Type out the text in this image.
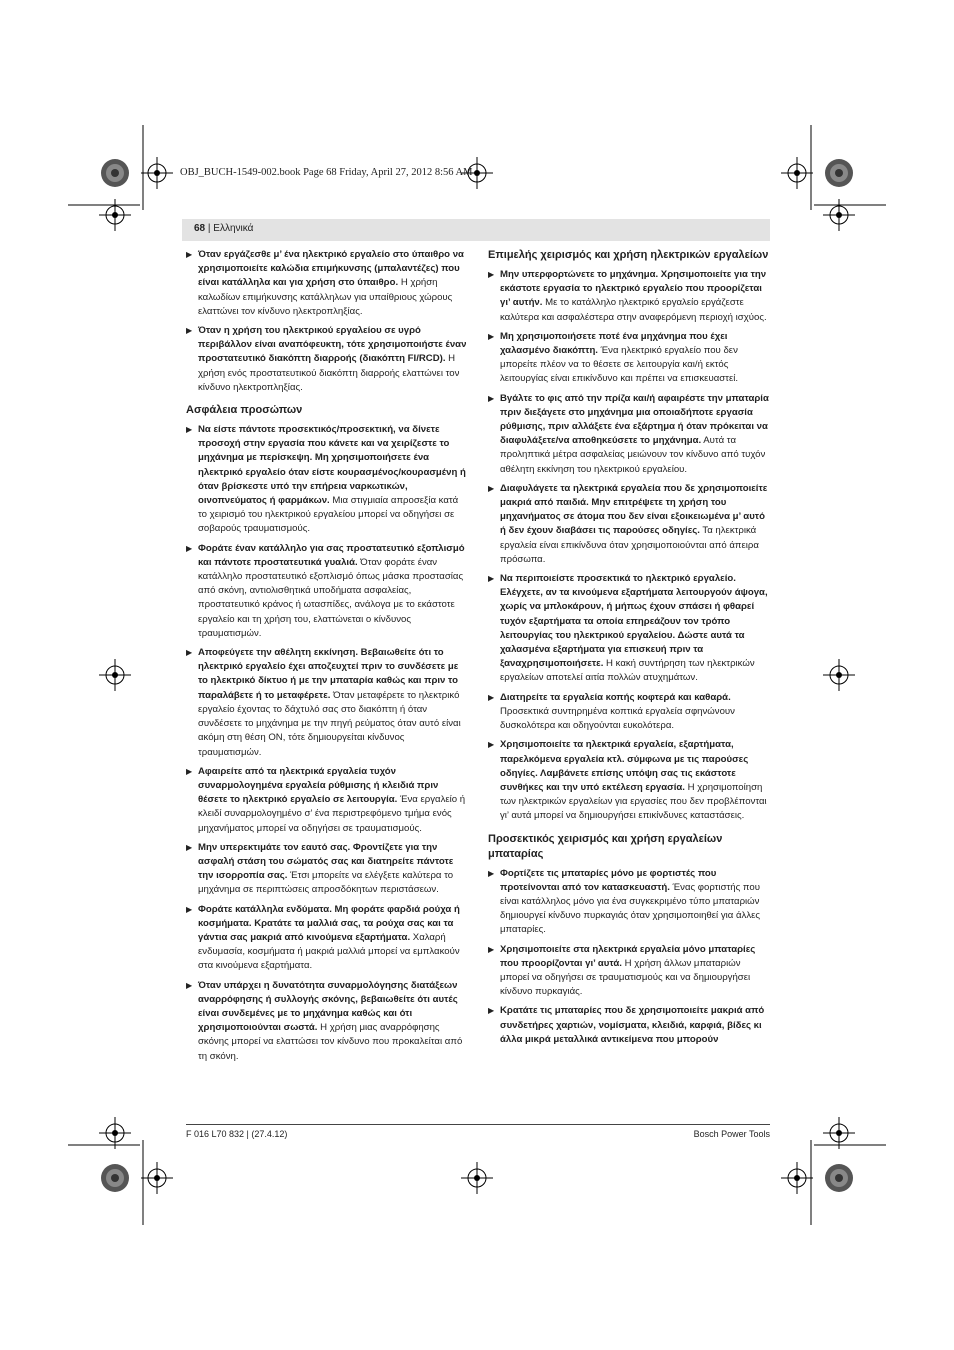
OBJ_BUCH-1549-002.book Page 68 Friday, April 27, 2012 8:56 AM
68 | Ελληνικά
▶ Όταν εργάζεσθε μ’ ένα ηλεκτρικό εργαλείο στο ύπαιθρο να χρησιμοποιείτε καλώδια επιμήκυνσης (μπαλαντέζες) που είναι κατάλληλα και για χρήση στο ύπαιθρο. Η χρήση καλωδίων επιμήκυνσης κατάλληλων για υπαίθριους χώρους ελαττώνει τον κίνδυνο ηλεκτροπληξίας.
▶ Όταν η χρήση του ηλεκτρικού εργαλείου σε υγρό περιβάλλον είναι αναπόφευκτη, τότε χρησιμοποιήστε έναν προστατευτικό διακόπτη διαρροής (διακόπτη FI/RCD). Η χρήση ενός προστατευτικού διακόπτη διαρροής ελαττώνει τον κίνδυνο ηλεκτροπληξίας.
Ασφάλεια προσώπων
▶ Να είστε πάντοτε προσεκτικός/προσεκτική, να δίνετε προσοχή στην εργασία που κάνετε και να χειρίζεστε το μηχάνημα με περίσκεψη. Μη χρησιμοποιήσετε ένα ηλεκτρικό εργαλείο όταν είστε κουρασμένος/κουρασμένη ή όταν βρίσκεστε υπό την επήρεια ναρκωτικών, οινοπνεύματος ή φαρμάκων. Μια στιγμιαία απροσεξία κατά το χειρισμό του ηλεκτρικού εργαλείου μπορεί να οδηγήσει σε σοβαρούς τραυματισμούς.
▶ Φοράτε έναν κατάλληλο για σας προστατευτικό εξοπλισμό και πάντοτε προστατευτικά γυαλιά. Όταν φοράτε έναν κατάλληλο προστατευτικό εξοπλισμό όπως μάσκα προστασίας από σκόνη, αντιολισθητικά υποδήματα ασφαλείας, προστατευτικό κράνος ή ωτασπίδες, ανάλογα με το εκάστοτε εργαλείο και τη χρήση του, ελαττώνεται ο κίνδυνος τραυματισμών.
▶ Αποφεύγετε την αθέλητη εκκίνηση. Βεβαιωθείτε ότι το ηλεκτρικό εργαλείο έχει αποζευχτεί πριν το συνδέσετε με το ηλεκτρικό δίκτυο ή με την μπαταρία καθώς και πριν το παραλάβετε ή το μεταφέρετε. Όταν μεταφέρετε το ηλεκτρικό εργαλείο έχοντας το δάχτυλό σας στο διακόπτη ή όταν συνδέσετε το μηχάνημα με την πηγή ρεύματος όταν αυτό είναι ακόμη στη θέση ON, τότε δημιουργείται κίνδυνος τραυματισμών.
▶ Αφαιρείτε από τα ηλεκτρικά εργαλεία τυχόν συναρμολογημένα εργαλεία ρύθμισης ή κλειδιά πριν θέσετε το ηλεκτρικό εργαλείο σε λειτουργία. Ένα εργαλείο ή κλειδί συναρμολογημένο σ’ ένα περιστρεφόμενο τμήμα ενός μηχανήματος μπορεί να οδηγήσει σε τραυματισμούς.
▶ Μην υπερεκτιμάτε τον εαυτό σας. Φροντίζετε για την ασφαλή στάση του σώματός σας και διατηρείτε πάντοτε την ισορροπία σας. Έτσι μπορείτε να ελέγξετε καλύτερα το μηχάνημα σε περιπτώσεις απροσδόκητων περιστάσεων.
▶ Φοράτε κατάλληλα ενδύματα. Μη φοράτε φαρδιά ρούχα ή κοσμήματα. Κρατάτε τα μαλλιά σας, τα ρούχα σας και τα γάντια σας μακριά από κινούμενα εξαρτήματα. Χαλαρή ενδυμασία, κοσμήματα ή μακριά μαλλιά μπορεί να εμπλακούν στα κινούμενα εξαρτήματα.
▶ Όταν υπάρχει η δυνατότητα συναρμολόγησης διατάξεων αναρρόφησης ή συλλογής σκόνης, βεβαιωθείτε ότι αυτές είναι συνδεμένες με το μηχάνημα καθώς και ότι χρησιμοποιούνται σωστά. Η χρήση μιας αναρρόφησης σκόνης μπορεί να ελαττώσει τον κίνδυνο που προκαλείται από τη σκόνη.
Επιμελής χειρισμός και χρήση ηλεκτρικών εργαλείων
▶ Μην υπερφορτώνετε το μηχάνημα. Χρησιμοποιείτε για την εκάστοτε εργασία το ηλεκτρικό εργαλείο που προορίζεται γι’ αυτήν. Με το κατάλληλο ηλεκτρικό εργαλείο εργάζεστε καλύτερα και ασφαλέστερα στην αναφερόμενη περιοχή ισχύος.
▶ Μη χρησιμοποιήσετε ποτέ ένα μηχάνημα που έχει χαλασμένο διακόπτη. Ένα ηλεκτρικό εργαλείο που δεν μπορείτε πλέον να το θέσετε σε λειτουργία και/ή εκτός λειτουργίας είναι επικίνδυνο και πρέπει να επισκευαστεί.
▶ Βγάλτε το φις από την πρίζα και/ή αφαιρέστε την μπαταρία πριν διεξάγετε στο μηχάνημα μια οποιαδήποτε εργασία ρύθμισης, πριν αλλάξετε ένα εξάρτημα ή όταν πρόκειται να διαφυλάξετε/να αποθηκεύσετε το μηχάνημα. Αυτά τα προληπτικά μέτρα ασφαλείας μειώνουν τον κίνδυνο από τυχόν αθέλητη εκκίνηση του ηλεκτρικού εργαλείου.
▶ Διαφυλάγετε τα ηλεκτρικά εργαλεία που δε χρησιμοποιείτε μακριά από παιδιά. Μην επιτρέψετε τη χρήση του μηχανήματος σε άτομα που δεν είναι εξοικειωμένα μ’ αυτό ή δεν έχουν διαβάσει τις παρούσες οδηγίες. Τα ηλεκτρικά εργαλεία είναι επικίνδυνα όταν χρησιμοποιούνται από άπειρα πρόσωπα.
▶ Να περιποιείστε προσεκτικά το ηλεκτρικό εργαλείο. Ελέγχετε, αν τα κινούμενα εξαρτήματα λειτουργούν άψογα, χωρίς να μπλοκάρουν, ή μήπως έχουν σπάσει ή φθαρεί τυχόν εξαρτήματα τα οποία επηρεάζουν τον τρόπο λειτουργίας του ηλεκτρικού εργαλείου. Δώστε αυτά τα χαλασμένα εξαρτήματα για επισκευή πριν τα ξαναχρησιμοποιήσετε. Η κακή συντήρηση των ηλεκτρικών εργαλείων αποτελεί αιτία πολλών ατυχημάτων.
▶ Διατηρείτε τα εργαλεία κοπής κοφτερά και καθαρά. Προσεκτικά συντηρημένα κοπτικά εργαλεία σφηνώνουν δυσκολότερα και οδηγούνται ευκολότερα.
▶ Χρησιμοποιείτε τα ηλεκτρικά εργαλεία, εξαρτήματα, παρελκόμενα εργαλεία κτλ. σύμφωνα με τις παρούσες οδηγίες. Λαμβάνετε επίσης υπόψη σας τις εκάστοτε συνθήκες και την υπό εκτέλεση εργασία. Η χρησιμοποίηση των ηλεκτρικών εργαλείων για εργασίες που δεν προβλέπονται γι’ αυτά μπορεί να δημιουργήσει επικίνδυνες καταστάσεις.
Προσεκτικός χειρισμός και χρήση εργαλείων μπαταρίας
▶ Φορτίζετε τις μπαταρίες μόνο με φορτιστές που προτείνονται από τον κατασκευαστή. Ένας φορτιστής που είναι κατάλληλος μόνο για ένα συγκεκριμένο τύπο μπαταριών δημιουργεί κίνδυνο πυρκαγιάς όταν χρησιμοποιηθεί για άλλες μπαταρίες.
▶ Χρησιμοποιείτε στα ηλεκτρικά εργαλεία μόνο μπαταρίες που προορίζονται γι’ αυτά. Η χρήση άλλων μπαταριών μπορεί να οδηγήσει σε τραυματισμούς και να δημιουργήσει κίνδυνο πυρκαγιάς.
▶ Κρατάτε τις μπαταρίες που δε χρησιμοποιείτε μακριά από συνδετήρες χαρτιών, νομίσματα, κλειδιά, καρφιά, βίδες κι άλλα μικρά μεταλλικά αντικείμενα που μπορούν
F 016 L70 832 | (27.4.12)	Bosch Power Tools
